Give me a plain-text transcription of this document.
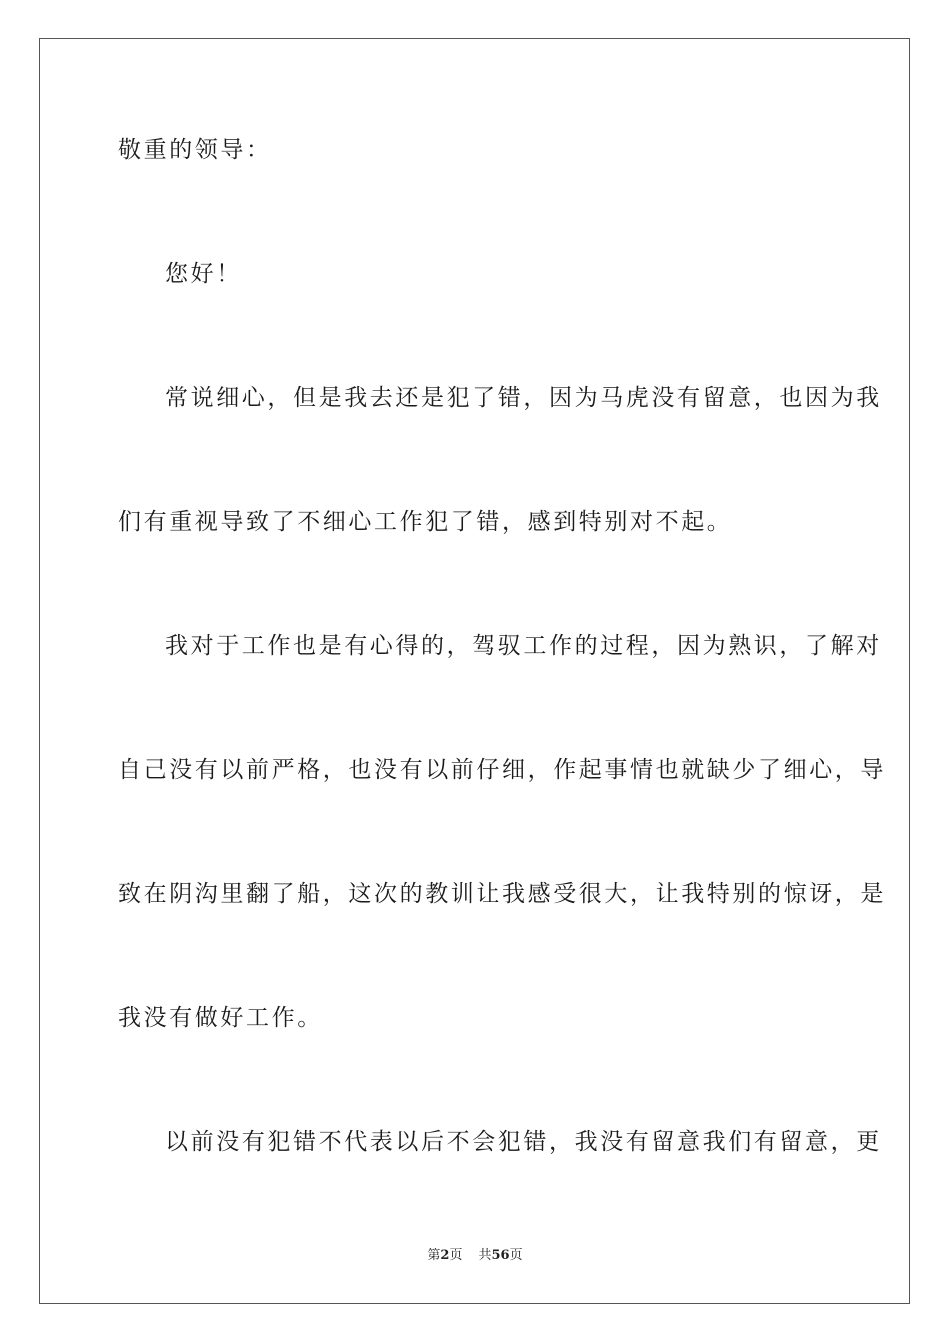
敬重的领导：
您好！
常说细心，但是我去还是犯了错，因为马虎没有留意，也因为我
们有重视导致了不细心工作犯了错，感到特别对不起。
我对于工作也是有心得的，驾驭工作的过程，因为熟识，了解对
自己没有以前严格，也没有以前仔细，作起事情也就缺少了细心，导
致在阴沟里翻了船，这次的教训让我感受很大，让我特别的惊讶，是
我没有做好工作。
以前没有犯错不代表以后不会犯错，我没有留意我们有留意，更
第2页 共56页
